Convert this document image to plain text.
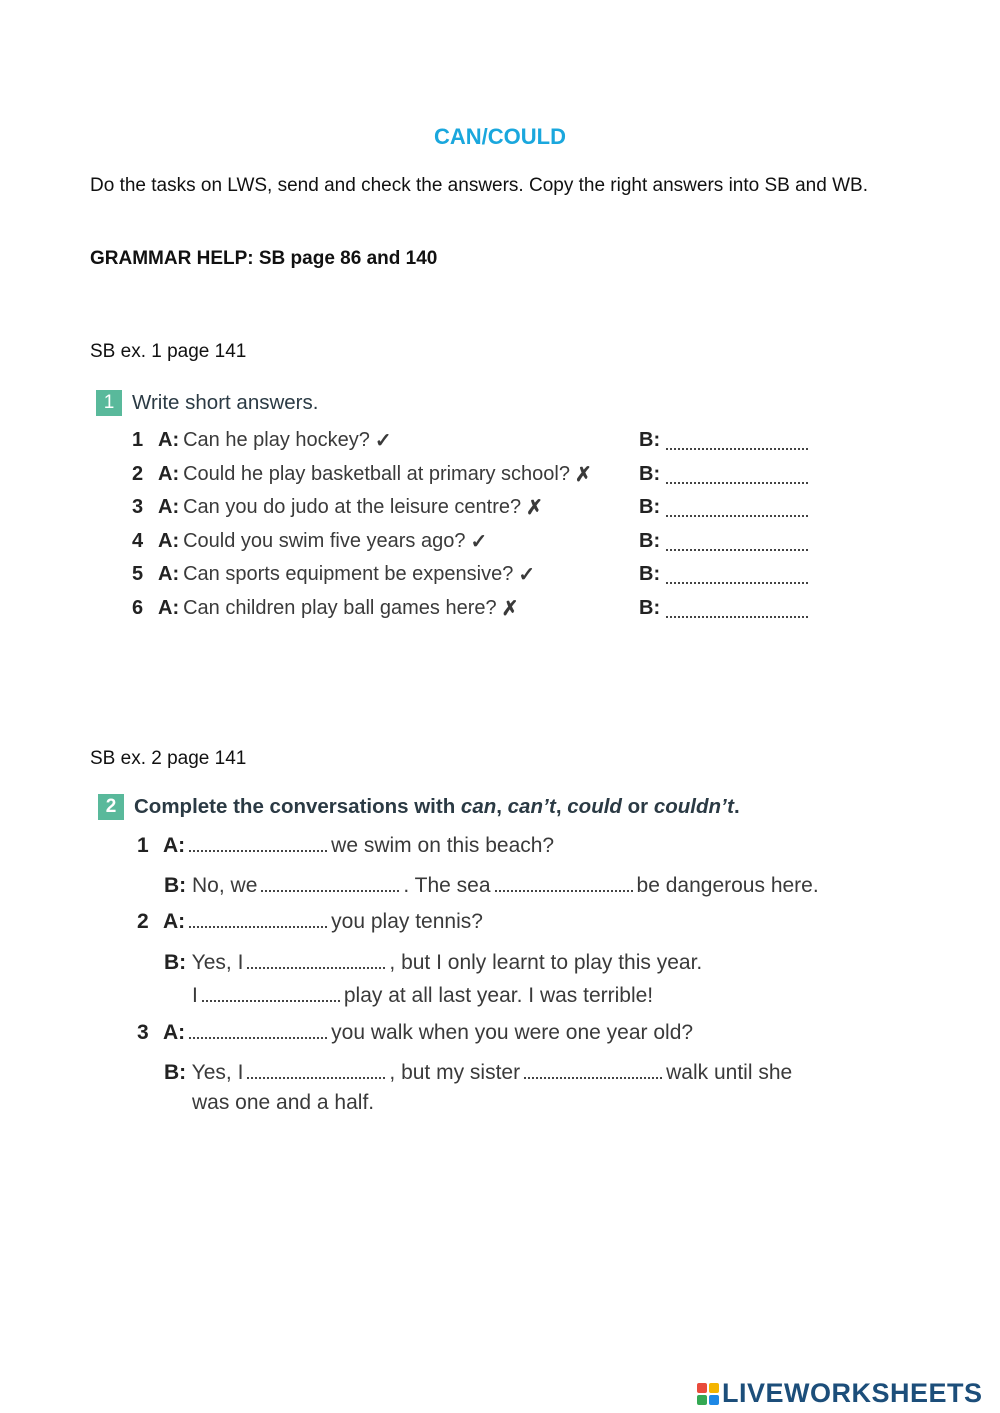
CAN/COULD
Do the tasks on LWS, send and check the answers. Copy the right answers into SB and WB.
GRAMMAR HELP: SB page 86 and 140
SB ex. 1 page 141
1 Write short answers.
1 A: Can he play hockey? ✓	B:
2 A: Could he play basketball at primary school? ✗ B:
3 A: Can you do judo at the leisure centre? ✗	B:
4 A: Could you swim five years ago? ✓	B:
5 A: Can sports equipment be expensive? ✓	B:
6 A: Can children play ball games here? ✗	B:
SB ex. 2 page 141
2 Complete the conversations with can, can’t, could or couldn’t.
1 A:	we swim on this beach?
B: No, we	. The sea	be dangerous here.
2 A:	you play tennis?
B: Yes, I	, but I only learnt to play this year.
I	play at all last year. I was terrible!
3 A:	you walk when you were one year old?
B: Yes, I	, but my sister	walk until she
was one and a half.
LIVEWORKSHEETS
